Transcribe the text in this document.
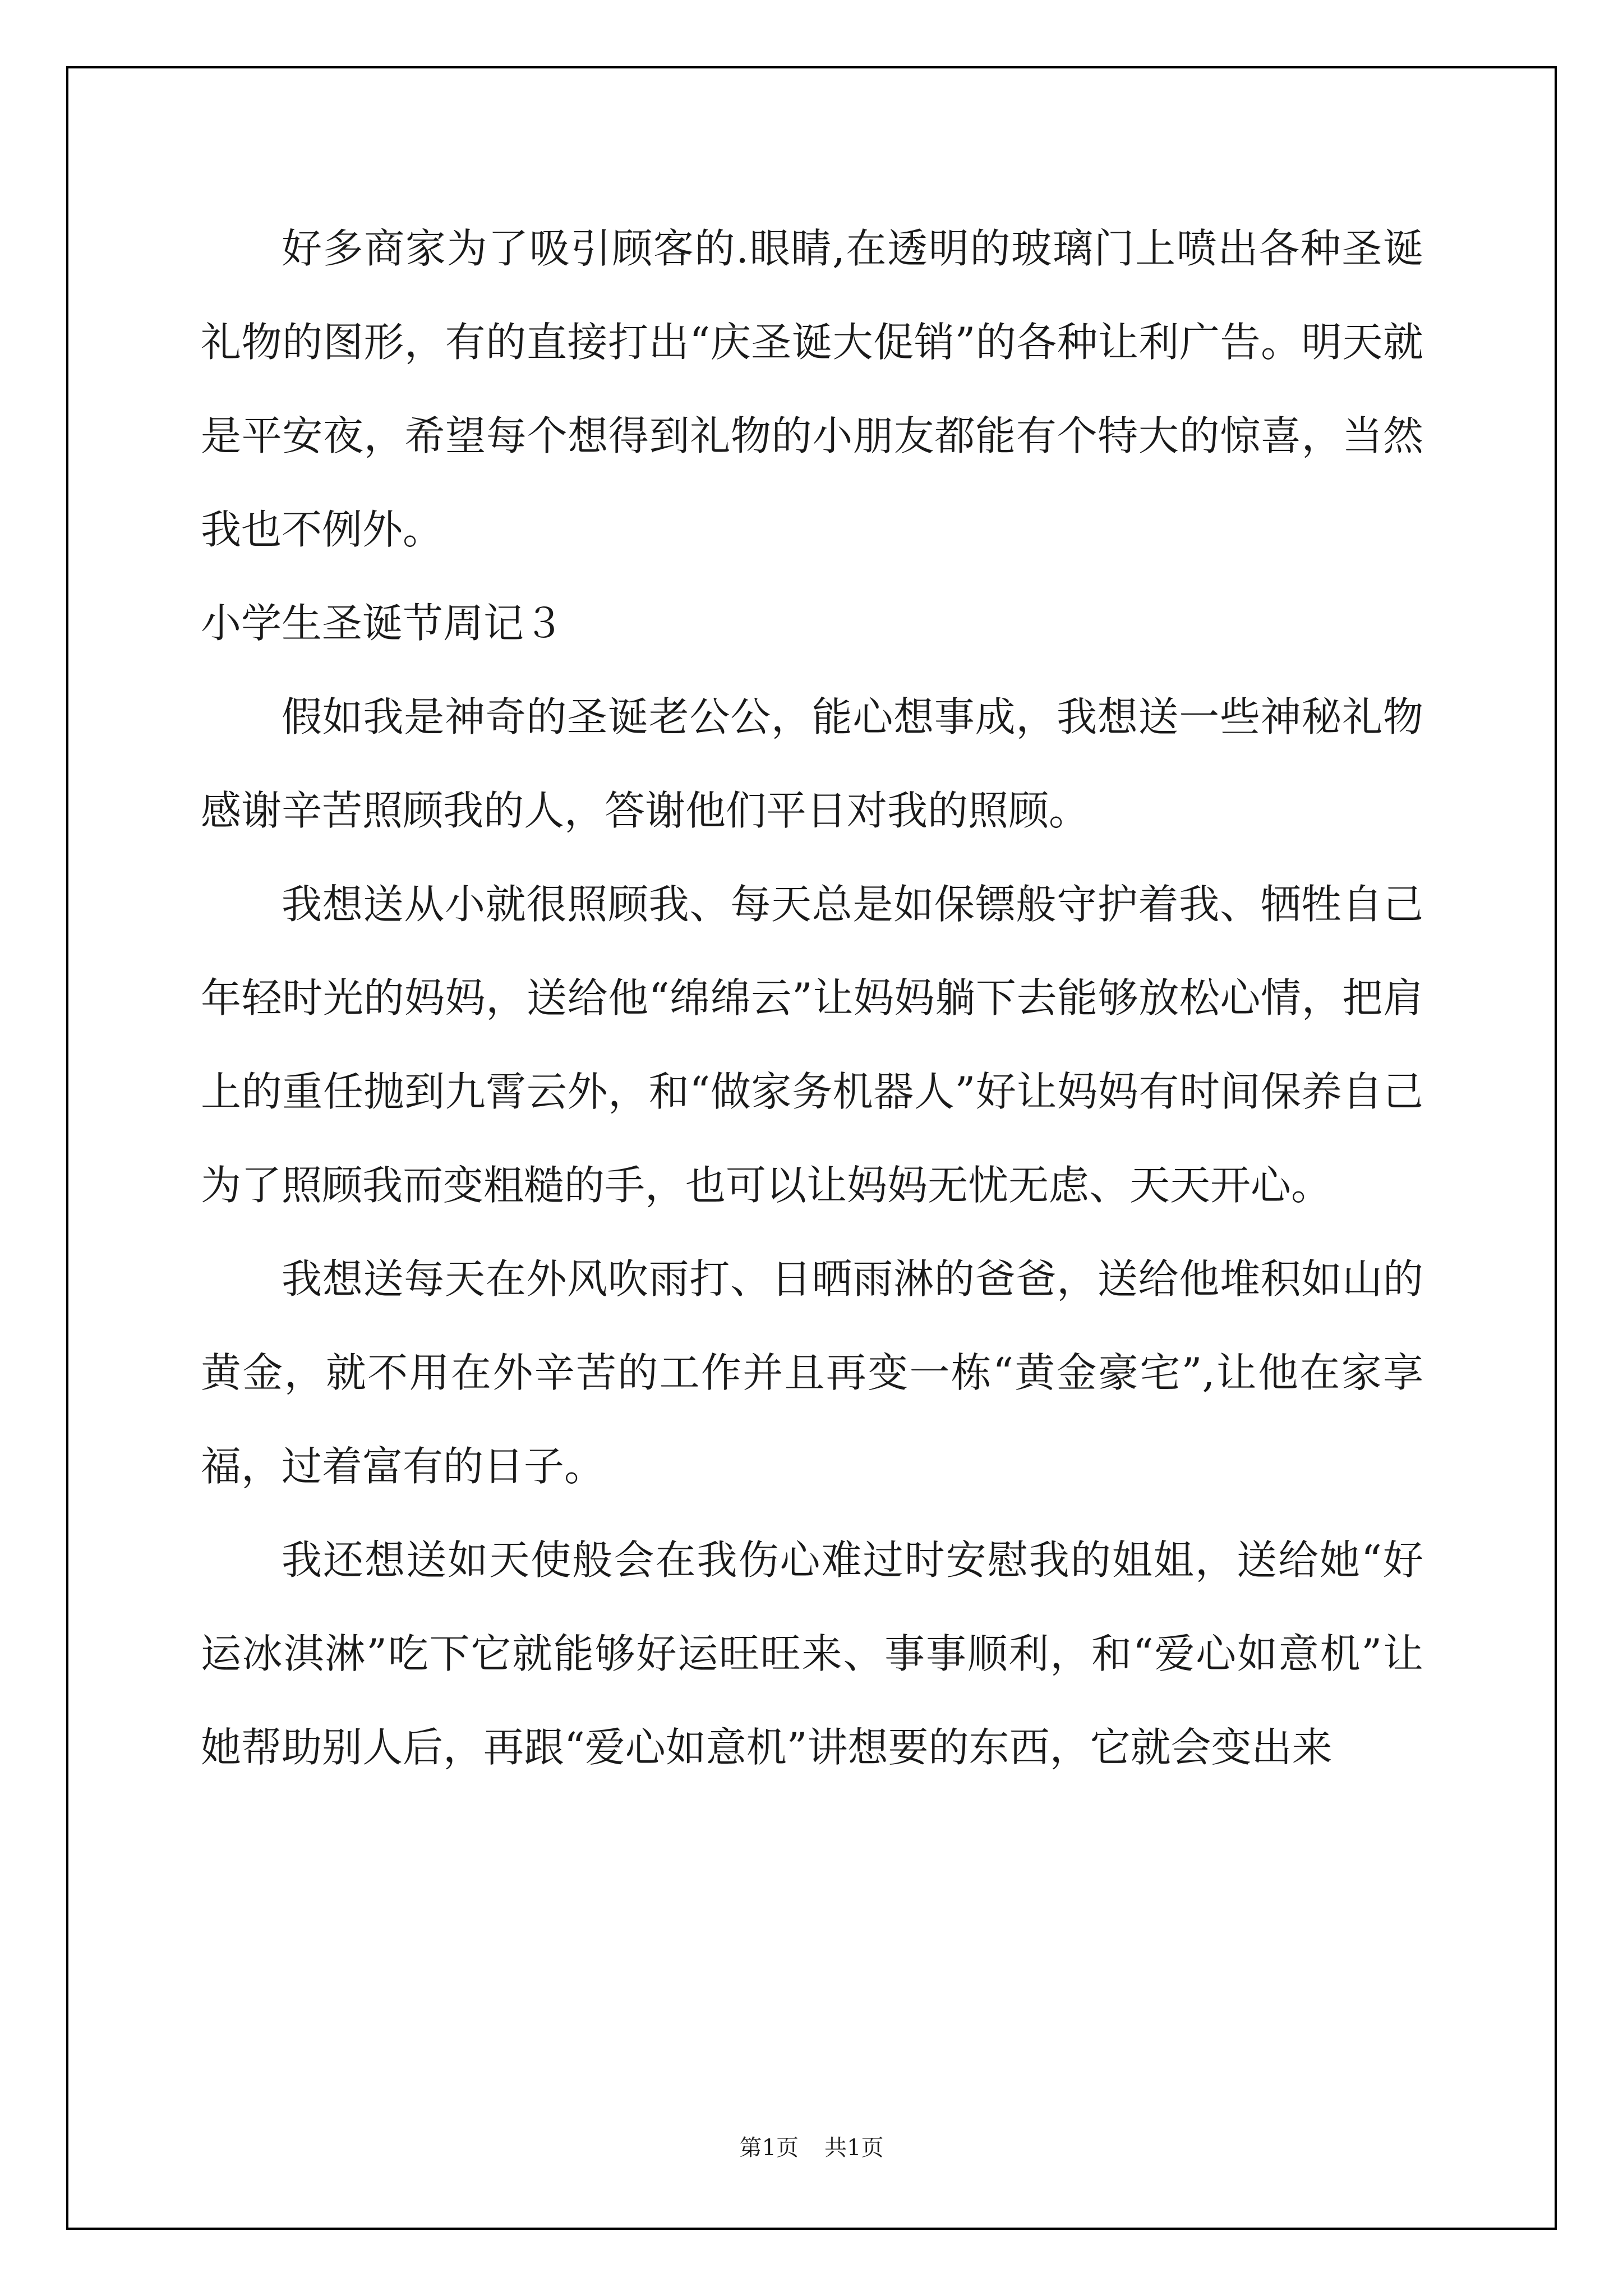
好多商家为了吸引顾客的.眼睛,在透明的玻璃门上喷出各种圣诞礼物的图形，有的直接打出“庆圣诞大促销”的各种让利广告。明天就是平安夜，希望每个想得到礼物的小朋友都能有个特大的惊喜，当然我也不例外。

小学生圣诞节周记３

假如我是神奇的圣诞老公公，能心想事成，我想送一些神秘礼物感谢辛苦照顾我的人，答谢他们平日对我的照顾。

我想送从小就很照顾我、每天总是如保镖般守护着我、牺牲自己年轻时光的妈妈，送给他“绵绵云”让妈妈躺下去能够放松心情，把肩上的重任抛到九霄云外，和“做家务机器人”好让妈妈有时间保养自己为了照顾我而变粗糙的手，也可以让妈妈无忧无虑、天天开心。

我想送每天在外风吹雨打、日晒雨淋的爸爸，送给他堆积如山的黄金，就不用在外辛苦的工作并且再变一栋“黄金豪宅”,让他在家享福，过着富有的日子。

我还想送如天使般会在我伤心难过时安慰我的姐姐，送给她“好运冰淇淋”吃下它就能够好运旺旺来、事事顺利，和“爱心如意机”让她帮助别人后，再跟“爱心如意机”讲想要的东西，它就会变出来

第1页 共1页
